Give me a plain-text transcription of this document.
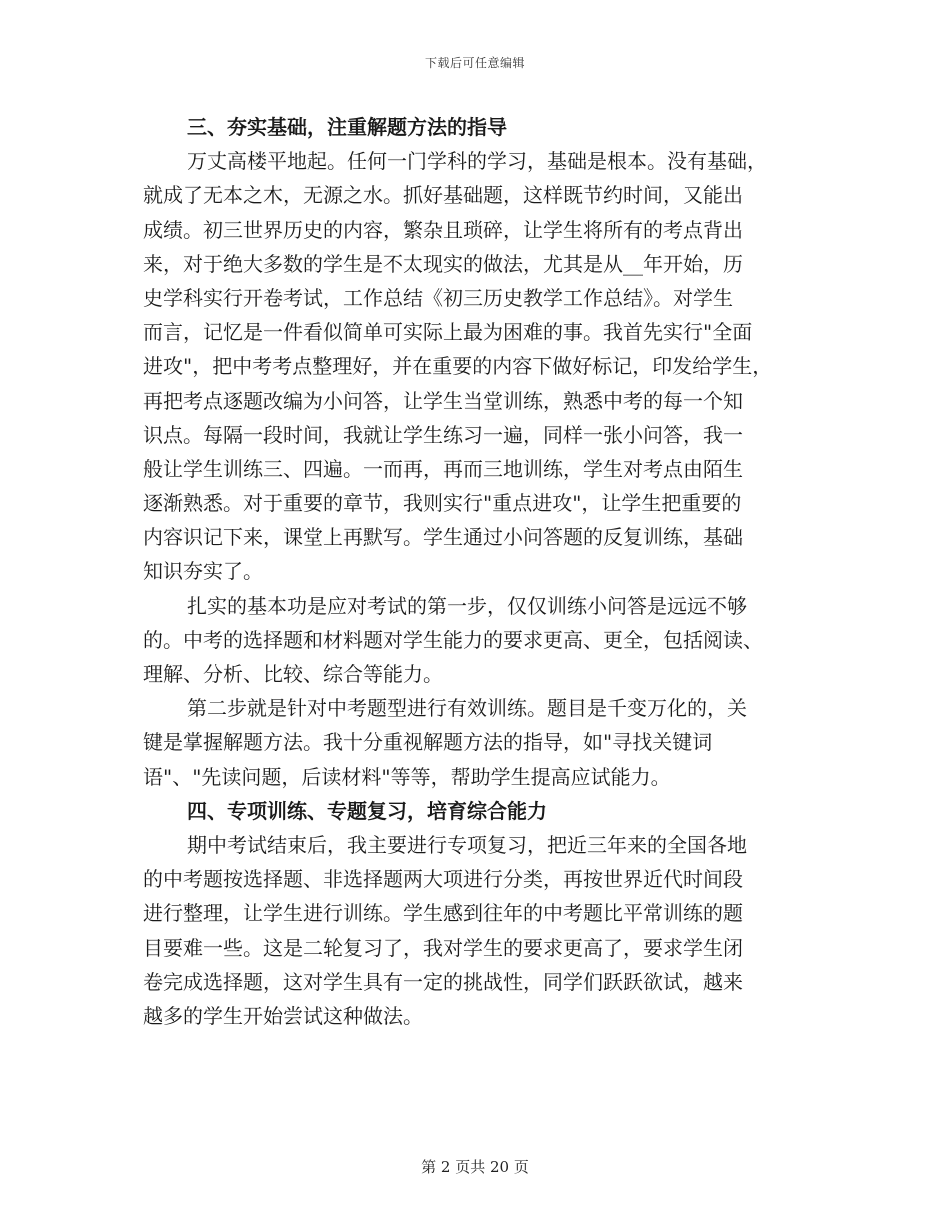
下载后可任意编辑
三、夯实基础，注重解题方法的指导
万丈高楼平地起。任何一门学科的学习，基础是根本。没有基础，
就成了无本之木，无源之水。抓好基础题，这样既节约时间，又能出
成绩。初三世界历史的内容，繁杂且琐碎，让学生将所有的考点背出
来，对于绝大多数的学生是不太现实的做法，尤其是从__年开始，历
史学科实行开卷考试，工作总结《初三历史教学工作总结》。对学生
而言，记忆是一件看似简单可实际上最为困难的事。我首先实行"全面
进攻"，把中考考点整理好，并在重要的内容下做好标记，印发给学生，
再把考点逐题改编为小问答，让学生当堂训练，熟悉中考的每一个知
识点。每隔一段时间，我就让学生练习一遍，同样一张小问答，我一
般让学生训练三、四遍。一而再，再而三地训练，学生对考点由陌生
逐渐熟悉。对于重要的章节，我则实行"重点进攻"，让学生把重要的
内容识记下来，课堂上再默写。学生通过小问答题的反复训练，基础
知识夯实了。
扎实的基本功是应对考试的第一步，仅仅训练小问答是远远不够
的。中考的选择题和材料题对学生能力的要求更高、更全，包括阅读、
理解、分析、比较、综合等能力。
第二步就是针对中考题型进行有效训练。题目是千变万化的，关
键是掌握解题方法。我十分重视解题方法的指导，如"寻找关键词
语"、"先读问题，后读材料"等等，帮助学生提高应试能力。
四、专项训练、专题复习，培育综合能力
期中考试结束后，我主要进行专项复习，把近三年来的全国各地
的中考题按选择题、非选择题两大项进行分类，再按世界近代时间段
进行整理，让学生进行训练。学生感到往年的中考题比平常训练的题
目要难一些。这是二轮复习了，我对学生的要求更高了，要求学生闭
卷完成选择题，这对学生具有一定的挑战性，同学们跃跃欲试，越来
越多的学生开始尝试这种做法。
第 2 页共 20 页
